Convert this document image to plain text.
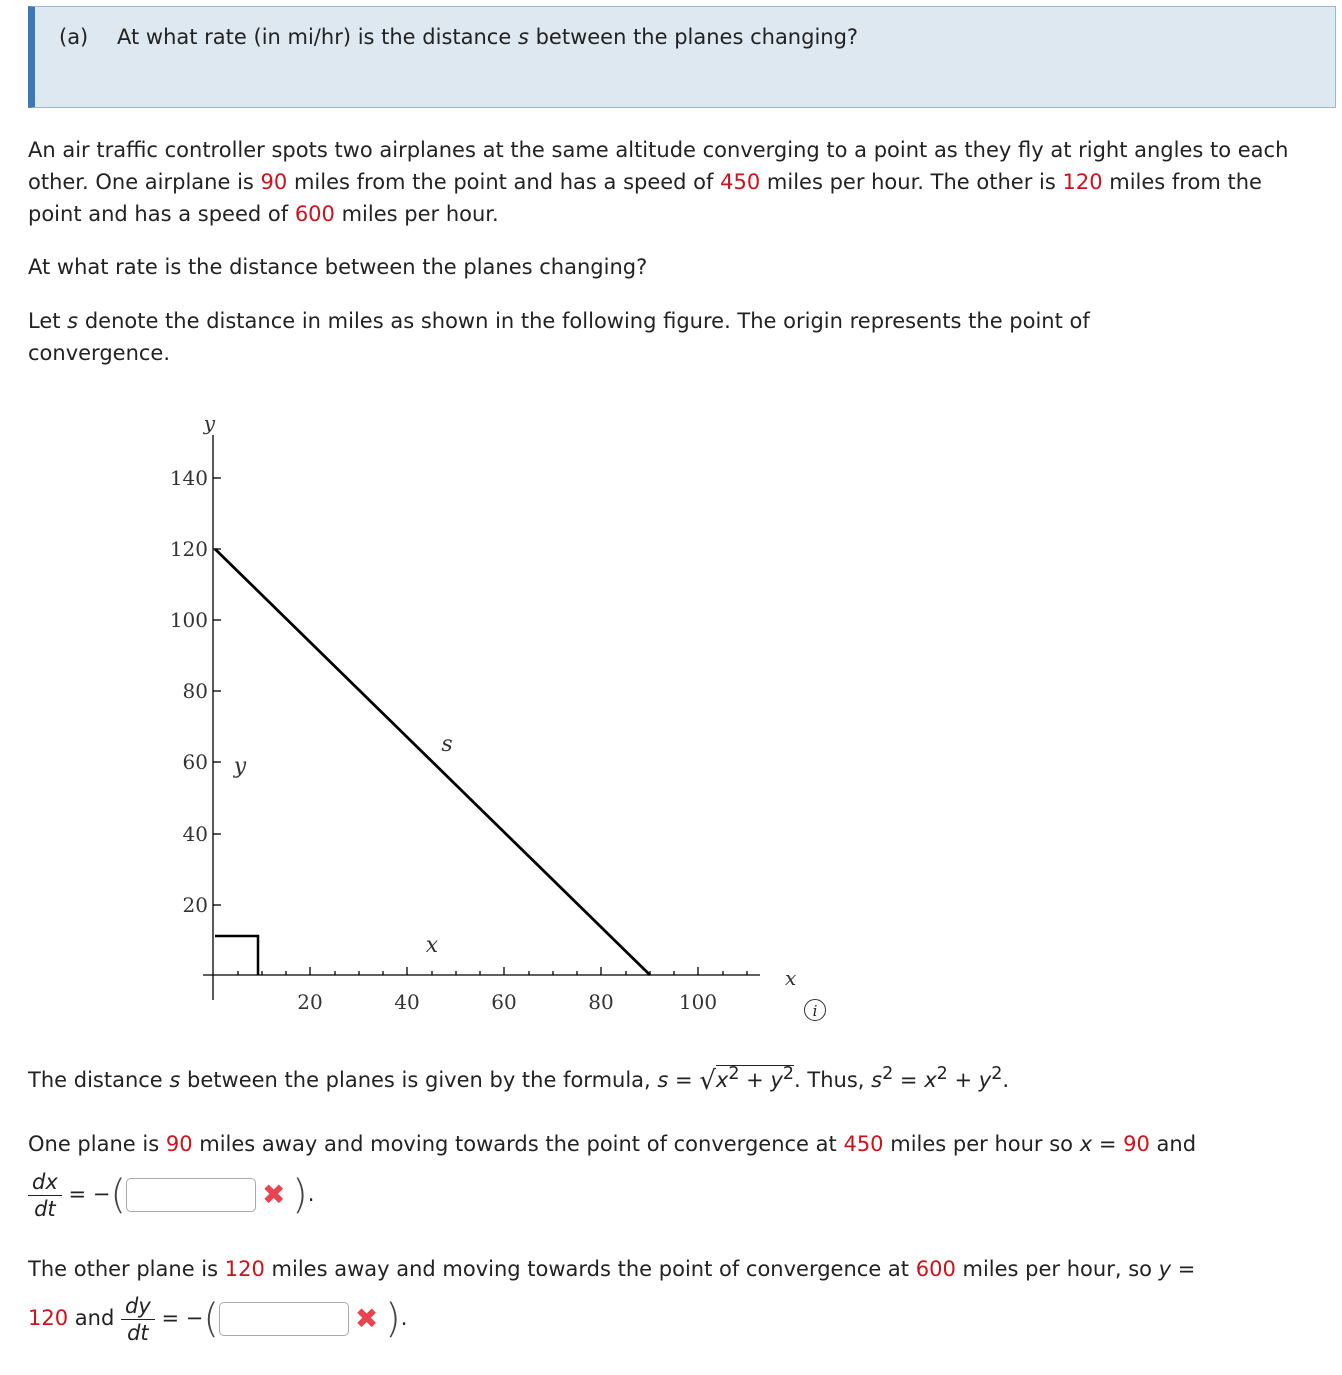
(a) At what rate (in mi/hr) is the distance s between the planes changing?
An air traffic controller spots two airplanes at the same altitude converging to a point as they fly at right angles to each other. One airplane is 90 miles from the point and has a speed of 450 miles per hour. The other is 120 miles from the point and has a speed of 600 miles per hour.
At what rate is the distance between the planes changing?
Let s denote the distance in miles as shown in the following figure. The origin represents the point of convergence.
y
x
140
120
100
80
60
40
20
20	40	60	80	100
s
y
x
i
The distance s between the planes is given by the formula, $s = √x^2 + y^2$. Thus, $s^2 = x^2 + y^2$.
One plane is 90 miles away and moving towards the point of convergence at 450 miles per hour so x = 90 and
$\frac{dx}{dt}$ = −(	✖ ).
The other plane is 120 miles away and moving towards the point of convergence at 600 miles per hour, so y =
120 and $\frac{dy}{dt}$ = −(	✖ ).
